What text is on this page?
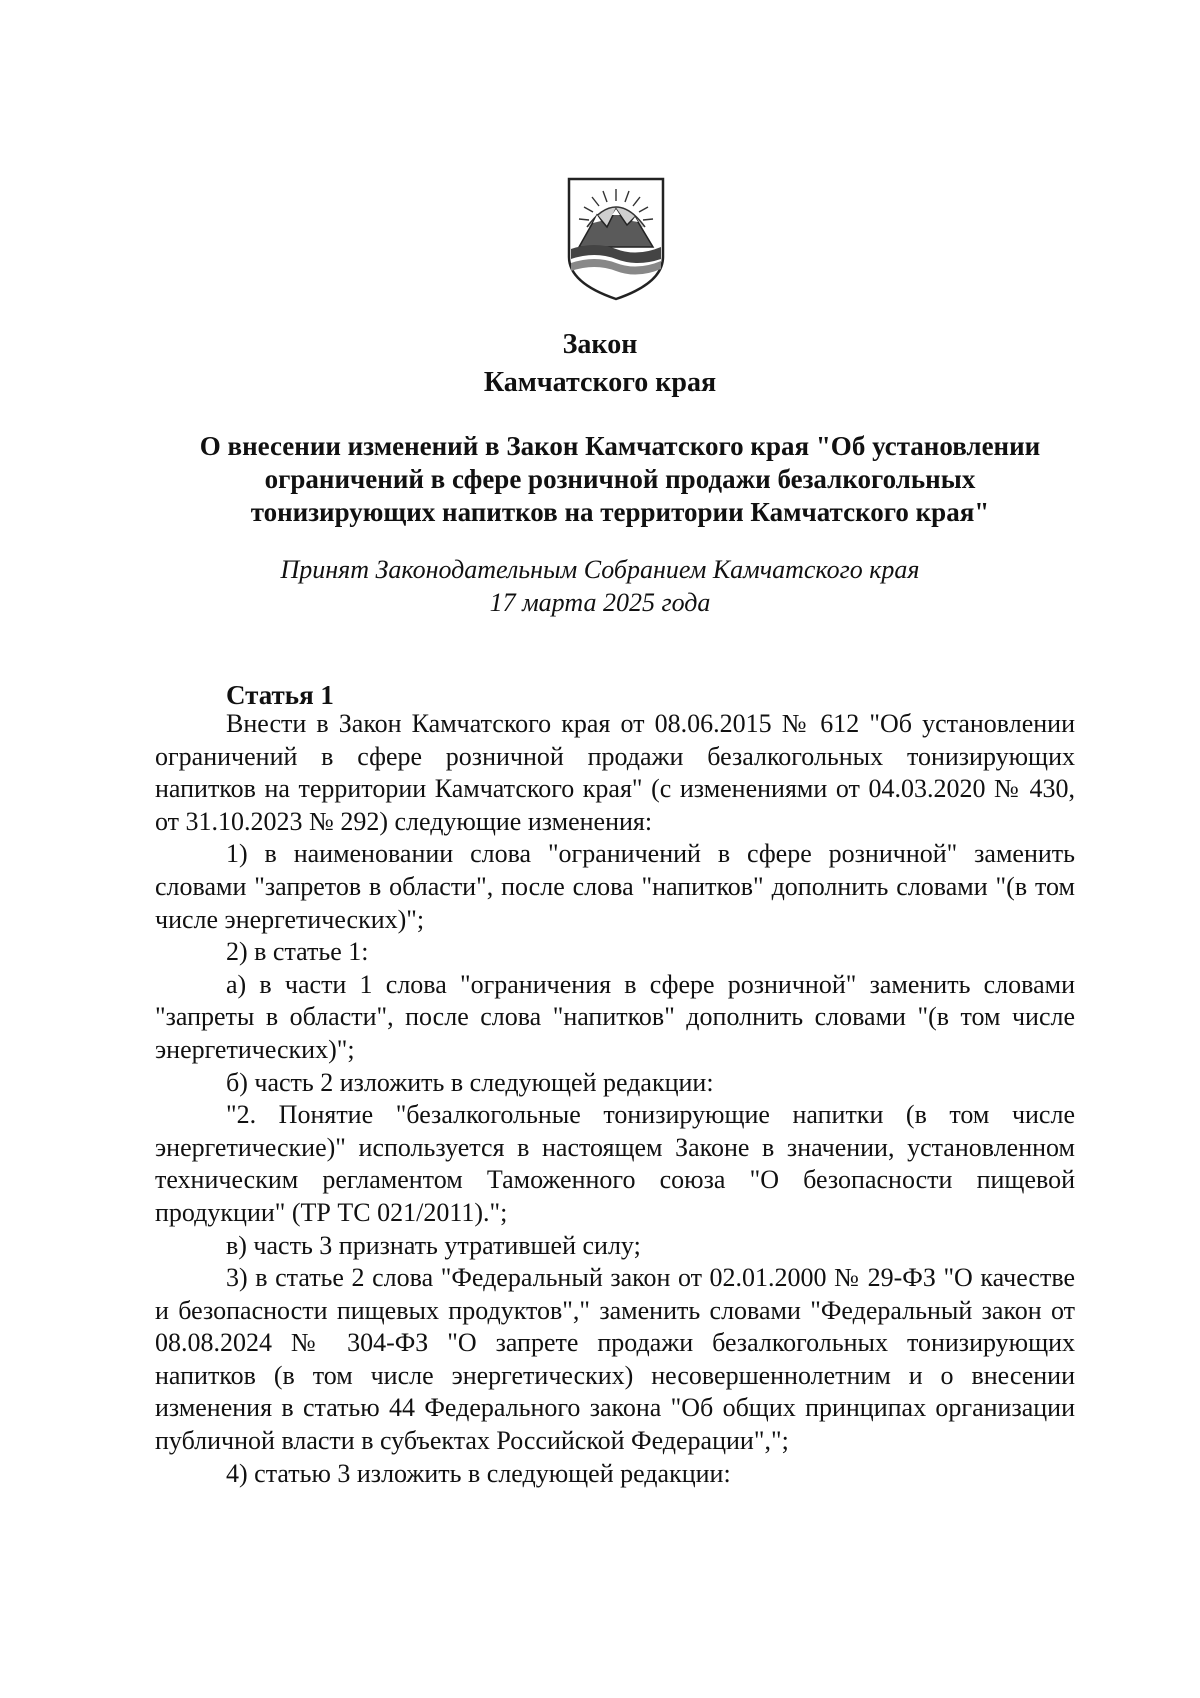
Закон
Камчатского края
О внесении изменений в Закон Камчатского края "Об установлении
ограничений в сфере розничной продажи безалкогольных
тонизирующих напитков на территории Камчатского края"
Принят Законодательным Собранием Камчатского края
17 марта 2025 года
Статья 1

Внести в Закон Камчатского края от 08.06.2015 № 612 "Об установлении ограничений в сфере розничной продажи безалкогольных тонизирующих напитков на территории Камчатского края" (с изменениями от 04.03.2020 № 430, от 31.10.2023 № 292) следующие изменения:

1) в наименовании слова "ограничений в сфере розничной" заменить словами "запретов в области", после слова "напитков" дополнить словами "(в том числе энергетических)";

2) в статье 1:

а) в части 1 слова "ограничения в сфере розничной" заменить словами "запреты в области", после слова "напитков" дополнить словами "(в том числе энергетических)";

б) часть 2 изложить в следующей редакции:

"2. Понятие "безалкогольные тонизирующие напитки (в том числе энергетические)" используется в настоящем Законе в значении, установленном техническим регламентом Таможенного союза "О безопасности пищевой продукции" (ТР ТС 021/2011).";

в) часть 3 признать утратившей силу;

3) в статье 2 слова "Федеральный закон от 02.01.2000 № 29-ФЗ "О качестве и безопасности пищевых продуктов"," заменить словами "Федеральный закон от 08.08.2024 № 304-ФЗ "О запрете продажи безалкогольных тонизирующих напитков (в том числе энергетических) несовершеннолетним и о внесении изменения в статью 44 Федерального закона "Об общих принципах организации публичной власти в субъектах Российской Федерации",";

4) статью 3 изложить в следующей редакции:
